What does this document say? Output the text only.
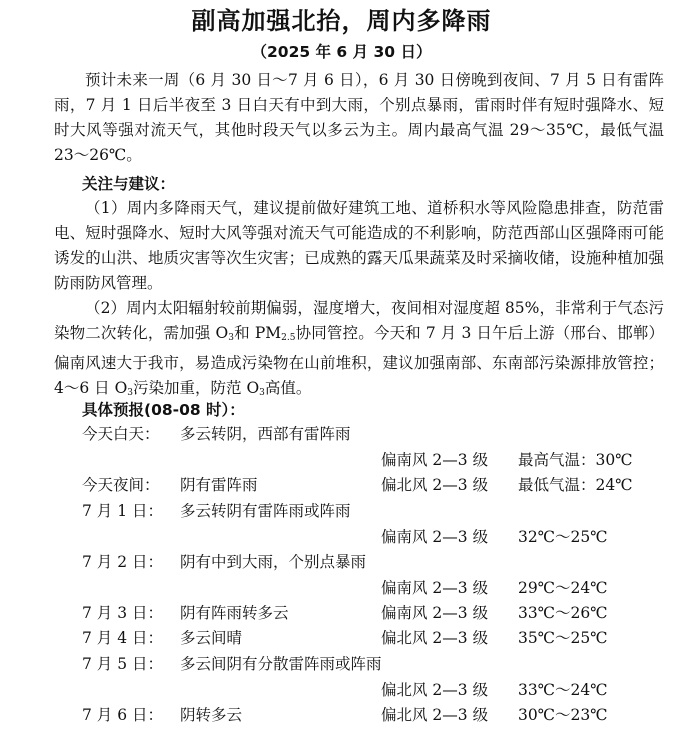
副高加强北抬，周内多降雨
（2025 年 6 月 30 日）

预计未来一周（6 月 30 日～7 月 6 日），6 月 30 日傍晚到夜间、7 月 5 日有雷阵雨，7 月 1 日后半夜至 3 日白天有中到大雨，个别点暴雨，雷雨时伴有短时强降水、短时大风等强对流天气，其他时段天气以多云为主。周内最高气温 29～35℃，最低气温 23～26℃。

关注与建议：

（1）周内多降雨天气，建议提前做好建筑工地、道桥积水等风险隐患排查，防范雷电、短时强降水、短时大风等强对流天气可能造成的不利影响，防范西部山区强降雨可能诱发的山洪、地质灾害等次生灾害；已成熟的露天瓜果蔬菜及时采摘收储，设施种植加强防雨防风管理。

（2）周内太阳辐射较前期偏弱，湿度增大，夜间相对湿度超 85%，非常利于气态污染物二次转化，需加强 $O_3$和 $PM_{2.5}$协同管控。今天和 7 月 3 日午后上游（邢台、邯郸）偏南风速大于我市，易造成污染物在山前堆积，建议加强南部、东南部污染源排放管控；4～6 日 $O_3$污染加重，防范 $O_3$高值。

具体预报(08-08 时）：
今天白天： 多云转阴，西部有雷阵雨
偏南风 2—3 级 最高气温：30℃
今天夜间： 阴有雷阵雨	偏北风 2—3 级 最低气温：24℃
7 月 1 日： 多云转阴有雷阵雨或阵雨
偏南风 2—3 级 32℃～25℃
7 月 2 日： 阴有中到大雨，个别点暴雨
偏南风 2—3 级 29℃～24℃
7 月 3 日： 阴有阵雨转多云	偏南风 2—3 级 33℃～26℃
7 月 4 日： 多云间晴	偏北风 2—3 级 35℃～25℃
7 月 5 日： 多云间阴有分散雷阵雨或阵雨
偏北风 2—3 级 33℃～24℃
7 月 6 日： 阴转多云	偏北风 2—3 级 30℃～23℃
